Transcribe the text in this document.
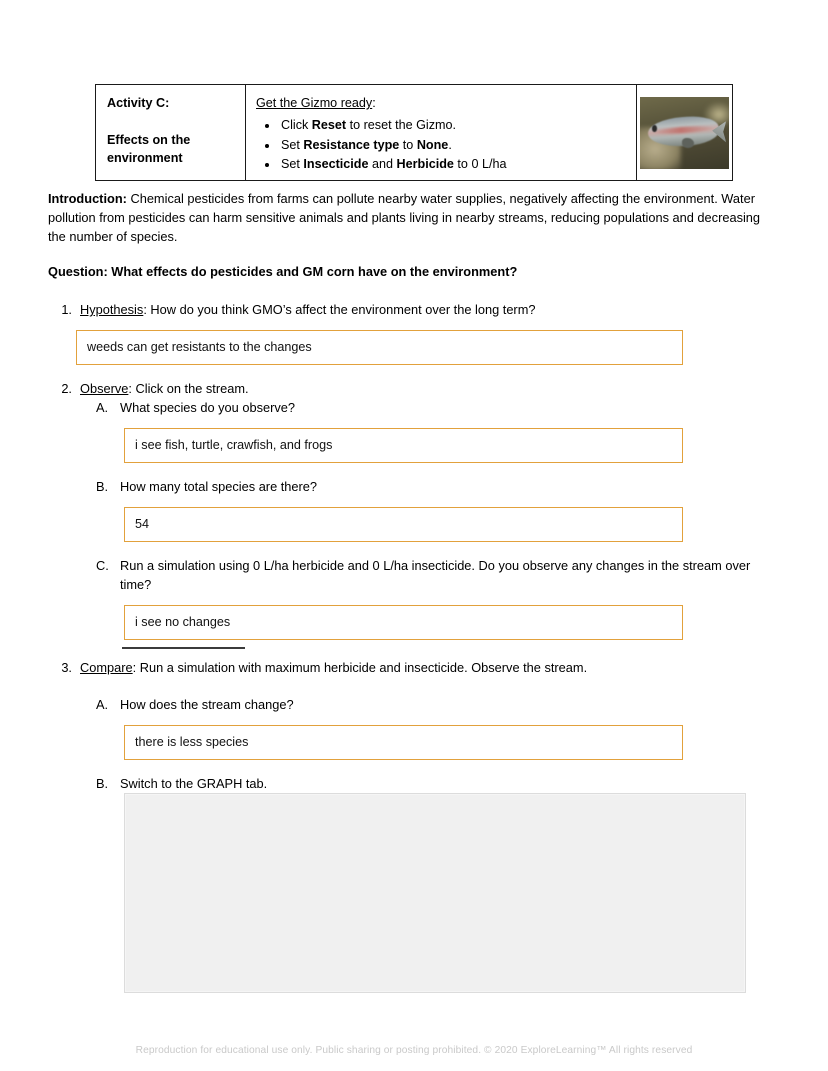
Activity C:
Effects on the environment
Get the Gizmo ready:
• Click Reset to reset the Gizmo.
• Set Resistance type to None.
• Set Insecticide and Herbicide to 0 L/ha
Introduction: Chemical pesticides from farms can pollute nearby water supplies, negatively affecting the environment. Water pollution from pesticides can harm sensitive animals and plants living in nearby streams, reducing populations and decreasing the number of species.
Question: What effects do pesticides and GM corn have on the environment?
1. Hypothesis: How do you think GMO’s affect the environment over the long term?
weeds can get resistants to the changes
2. Observe: Click on the stream.
A. What species do you observe?
i see fish, turtle, crawfish, and frogs
B. How many total species are there?
54
C. Run a simulation using 0 L/ha herbicide and 0 L/ha insecticide. Do you observe any changes in the stream over time?
i see no changes
3. Compare: Run a simulation with maximum herbicide and insecticide. Observe the stream.
A. How does the stream change?
there is less species
B. Switch to the GRAPH tab.
Reproduction for educational use only. Public sharing or posting prohibited. © 2020 ExploreLearning™ All rights reserved
